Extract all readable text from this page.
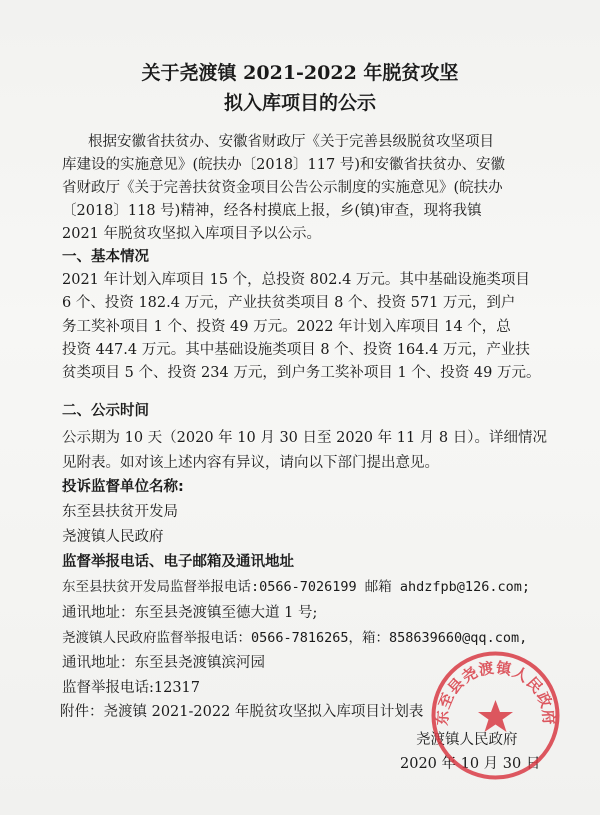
关于尧渡镇 2021-2022 年脱贫攻坚
拟入库项目的公示
根据安徽省扶贫办、安徽省财政厅《关于完善县级脱贫攻坚项目
库建设的实施意见》(皖扶办〔2018〕117 号)和安徽省扶贫办、安徽
省财政厅《关于完善扶贫资金项目公告公示制度的实施意见》(皖扶办
〔2018〕118 号)精神，经各村摸底上报，乡(镇)审查，现将我镇
2021 年脱贫攻坚拟入库项目予以公示。
一、基本情况
2021 年计划入库项目 15 个，总投资 802.4 万元。其中基础设施类项目
6 个、投资 182.4 万元，产业扶贫类项目 8 个、投资 571 万元，到户
务工奖补项目 1 个、投资 49 万元。2022 年计划入库项目 14 个，总
投资 447.4 万元。其中基础设施类项目 8 个、投资 164.4 万元，产业扶
贫类项目 5 个、投资 234 万元，到户务工奖补项目 1 个、投资 49 万元。
二、公示时间
公示期为 10 天（2020 年 10 月 30 日至 2020 年 11 月 8 日）。详细情况
见附表。如对该上述内容有异议，请向以下部门提出意见。
投诉监督单位名称:
东至县扶贫开发局
尧渡镇人民政府
监督举报电话、电子邮箱及通讯地址
东至县扶贫开发局监督举报电话:0566-7026199 邮箱 ahdzfpb@126.com;
通讯地址：东至县尧渡镇至德大道 1 号;
尧渡镇人民政府监督举报电话：0566-7816265，箱：858639660@qq.com,
通讯地址：东至县尧渡镇滨河园
监督举报电话:12317
附件：尧渡镇 2021-2022 年脱贫攻坚拟入库项目计划表
尧渡镇人民政府
2020 年 10 月 30 日
东至县尧渡镇人民政府
